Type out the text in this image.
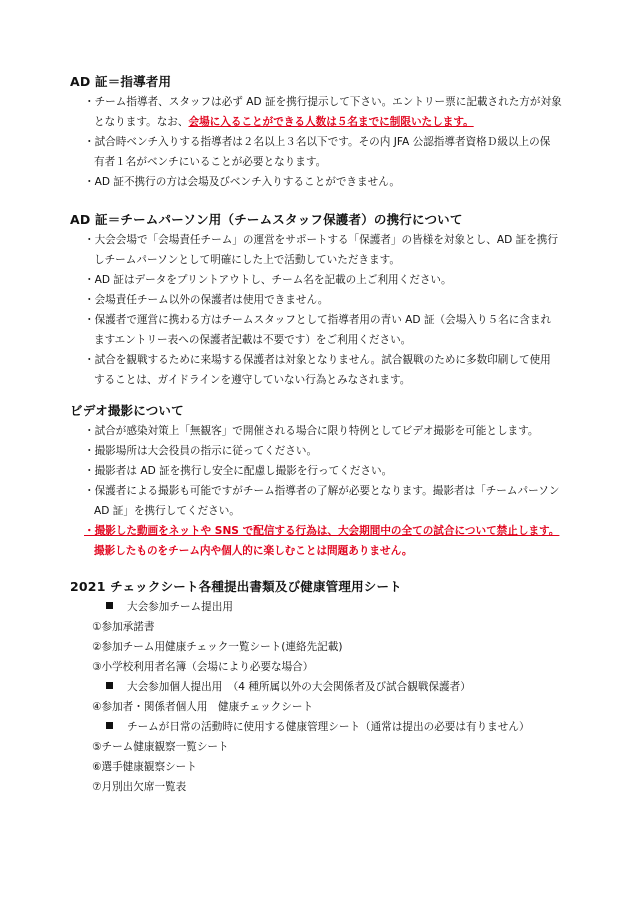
AD 証＝指導者用
・チーム指導者、スタッフは必ず AD 証を携行提示して下さい。エントリー票に記載された方が対象
となります。なお、会場に入ることができる人数は５名までに制限いたします。
・試合時ベンチ入りする指導者は２名以上３名以下です。その内 JFA 公認指導者資格Ｄ級以上の保
有者１名がベンチにいることが必要となります。
・AD 証不携行の方は会場及びベンチ入りすることができません。
AD 証＝チームパーソン用（チームスタッフ保護者）の携行について
・大会会場で「会場責任チーム」の運営をサポートする「保護者」の皆様を対象とし、AD 証を携行
しチームパーソンとして明確にした上で活動していただきます。
・AD 証はデータをプリントアウトし、チーム名を記載の上ご利用ください。
・会場責任チーム以外の保護者は使用できません。
・保護者で運営に携わる方はチームスタッフとして指導者用の青い AD 証（会場入り５名に含まれ
ますエントリー表への保護者記載は不要です）をご利用ください。
・試合を観戦するために来場する保護者は対象となりません。試合観戦のために多数印刷して使用
することは、ガイドラインを遵守していない行為とみなされます。
ビデオ撮影について
・試合が感染対策上「無観客」で開催される場合に限り特例としてビデオ撮影を可能とします。
・撮影場所は大会役員の指示に従ってください。
・撮影者は AD 証を携行し安全に配慮し撮影を行ってください。
・保護者による撮影も可能ですがチーム指導者の了解が必要となります。撮影者は「チームパーソン
AD 証」を携行してください。
・撮影した動画をネットや SNS で配信する行為は、大会期間中の全ての試合について禁止します。
撮影したものをチーム内や個人的に楽しむことは問題ありません。
2021 チェックシート各種提出書類及び健康管理用シート
大会参加チーム提出用
①参加承諾書
②参加チーム用健康チェック一覧シート(連絡先記載)
③小学校利用者名簿（会場により必要な場合）
大会参加個人提出用　（4 種所属以外の大会関係者及び試合観戦保護者）
④参加者・関係者個人用　健康チェックシート
チームが日常の活動時に使用する健康管理シート（通常は提出の必要は有りません）
⑤チーム健康観察一覧シート
⑥選手健康観察シート
⑦月別出欠席一覧表
